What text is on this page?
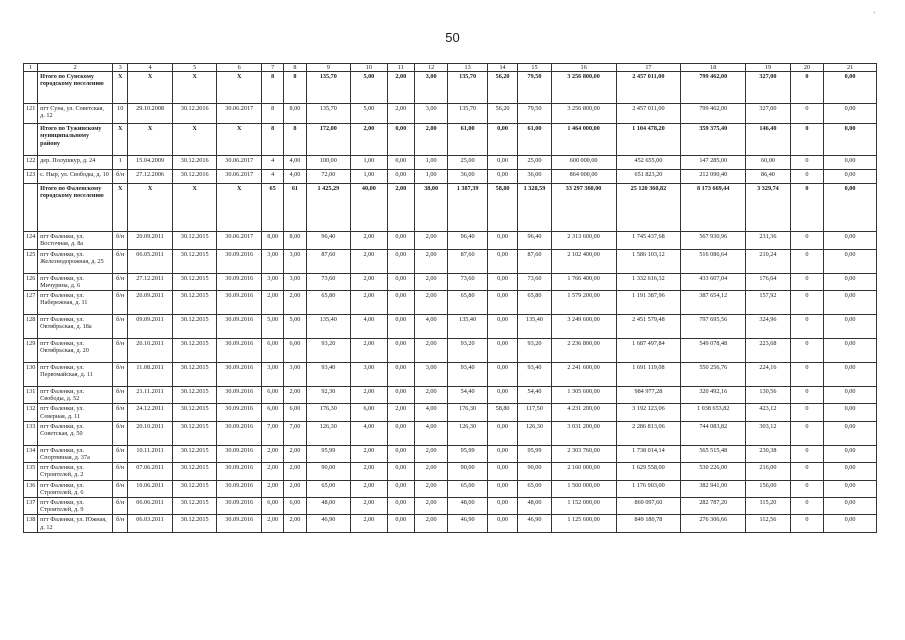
'
50
1	2	3	4	5	6	7	8	9	10	11	12	13	14	15	16	17	18	19	20	21
	Итого по Сунскому городскому поселению	X	X	X	X	8	8	135,70	5,00	2,00	3,00	135,70	56,20	79,50	3 256 800,00	2 457 011,00	799 462,00	327,00	0	0,00
121	пгт Суна, ул. Советская, д. 12	10	29.10.2008	30.12.2016	30.06.2017	8	8,00	135,70	5,00	2,00	3,00	135,70	56,20	79,50	3 256 800,00	2 457 011,00	799 462,00	327,00	0	0,00
	Итого по Тужинскому муниципальному району	X	X	X	X	8	8	172,00	2,00	0,00	2,00	61,00	0,00	61,00	1 464 000,00	1 104 478,20	359 375,40	146,40	0	0,00
122	дер. Полушкур, д. 24	1	15.04.2009	30.12.2016	30.06.2017	4	4,00	100,00	1,00	0,00	1,00	25,00	0,00	25,00	600 000,00	452 655,00	147 285,00	60,00	0	0,00
123	с. Ныр, ул. Свободы, д. 10	б/н	27.12.2006	30.12.2016	30.06.2017	4	4,00	72,00	1,00	0,00	1,00	36,00	0,00	36,00	864 000,00	651 823,20	212 090,40	86,40	0	0,00
	Итого по Фаленскому городскому поселению	X	X	X	X	65	61	1 425,29	40,00	2,00	38,00	1 387,39	58,80	1 328,59	33 297 360,00	25 120 360,82	8 173 669,44	3 329,74	0	0,00
124	пгт Фаленки, ул. Восточная, д. 8а	б/н	20.09.2011	30.12.2015	30.06.2017	8,00	8,00	96,40	2,00	0,00	2,00	96,40	0,00	96,40	2 313 600,00	1 745 437,68	567 930,96	231,36	0	0,00
125	пгт Фаленки, ул. Железнодорожная, д. 25	б/н	06.05.2011	30.12.2015	30.09.2016	3,00	3,00	87,60	2,00	0,00	2,00	87,60	0,00	87,60	2 102 400,00	1 586 103,12	516 086,64	210,24	0	0,00
126	пгт Фаленки, ул. Мичурина, д. 6	б/н	27.12.2011	30.12.2015	30.09.2016	3,00	3,00	73,60	2,00	0,00	2,00	73,60	0,00	73,60	1 766 400,00	1 332 616,32	433 607,04	176,64	0	0,00
127	пгт Фаленки, ул. Набережная, д. 11	б/н	20.09.2011	30.12.2015	30.09.2016	2,00	2,00	65,80	2,00	0,00	2,00	65,80	0,00	65,80	1 579 200,00	1 191 387,96	387 654,12	157,92	0	0,00
128	пгт Фаленки, ул. Октябрьская, д. 18а	б/н	09.09.2011	30.12.2015	30.09.2016	5,00	5,00	135,40	4,00	0,00	4,00	135,40	0,00	135,40	3 249 600,00	2 451 579,48	797 695,56	324,96	0	0,00
129	пгт Фаленки, ул. Октябрьская, д. 20	б/н	20.10.2011	30.12.2015	30.09.2016	6,00	6,00	93,20	2,00	0,00	2,00	93,20	0,00	93,20	2 236 800,00	1 687 497,84	549 078,48	223,68	0	0,00
130	пгт Фаленки, ул. Первомайская, д. 11	б/н	11.08.2011	30.12.2015	30.09.2016	3,00	3,00	93,40	3,00	0,00	3,00	93,40	0,00	93,40	2 241 600,00	1 691 119,08	550 256,76	224,16	0	0,00
131	пгт Фаленки, ул. Свободы, д. 52	б/н	21.11.2011	30.12.2015	30.09.2016	6,00	2,00	92,30	2,00	0,00	2,00	54,40	0,00	54,40	1 305 600,00	984 977,28	320 492,16	130,56	0	0,00
132	пгт Фаленки, ул. Северная, д. 11	б/н	24.12.2011	30.12.2015	30.09.2016	6,00	6,00	176,30	6,00	2,00	4,00	176,30	58,80	117,50	4 231 200,00	3 192 123,06	1 038 653,82	423,12	0	0,00
133	пгт Фаленки, ул. Советская, д. 50	б/н	20.10.2011	30.12.2015	30.09.2016	7,00	7,00	126,30	4,00	0,00	4,00	126,30	0,00	126,30	3 031 200,00	2 286 813,06	744 083,82	303,12	0	0,00
134	пгт Фаленки, ул. Спортивная, д. 37а	б/н	10.11.2011	30.12.2015	30.09.2016	2,00	2,00	95,99	2,00	0,00	2,00	95,99	0,00	95,99	2 303 760,00	1 738 014,14	565 515,48	230,38	0	0,00
135	пгт Фаленки, ул. Строителей, д. 2	б/н	07.06.2011	30.12.2015	30.09.2016	2,00	2,00	90,00	2,00	0,00	2,00	90,00	0,00	90,00	2 160 000,00	1 629 558,00	530 226,00	216,00	0	0,00
136	пгт Фаленки, ул. Строителей, д. 6	б/н	10.06.2011	30.12.2015	30.09.2016	2,00	2,00	65,00	2,00	0,00	2,00	65,00	0,00	65,00	1 560 000,00	1 176 903,00	382 941,00	156,00	0	0,00
137	пгт Фаленки, ул. Строителей, д. 9	б/н	06.06.2011	30.12.2015	30.09.2016	6,00	6,00	48,00	2,00	0,00	2,00	48,00	0,00	48,00	1 152 000,00	869 097,60	282 787,20	115,20	0	0,00
138	пгт Фаленки, ул. Южная, д. 12	б/н	06.03.2011	30.12.2015	30.09.2016	2,00	2,00	46,90	2,00	0,00	2,00	46,90	0,00	46,90	1 125 600,00	849 180,78	276 306,66	112,56	0	0,00
